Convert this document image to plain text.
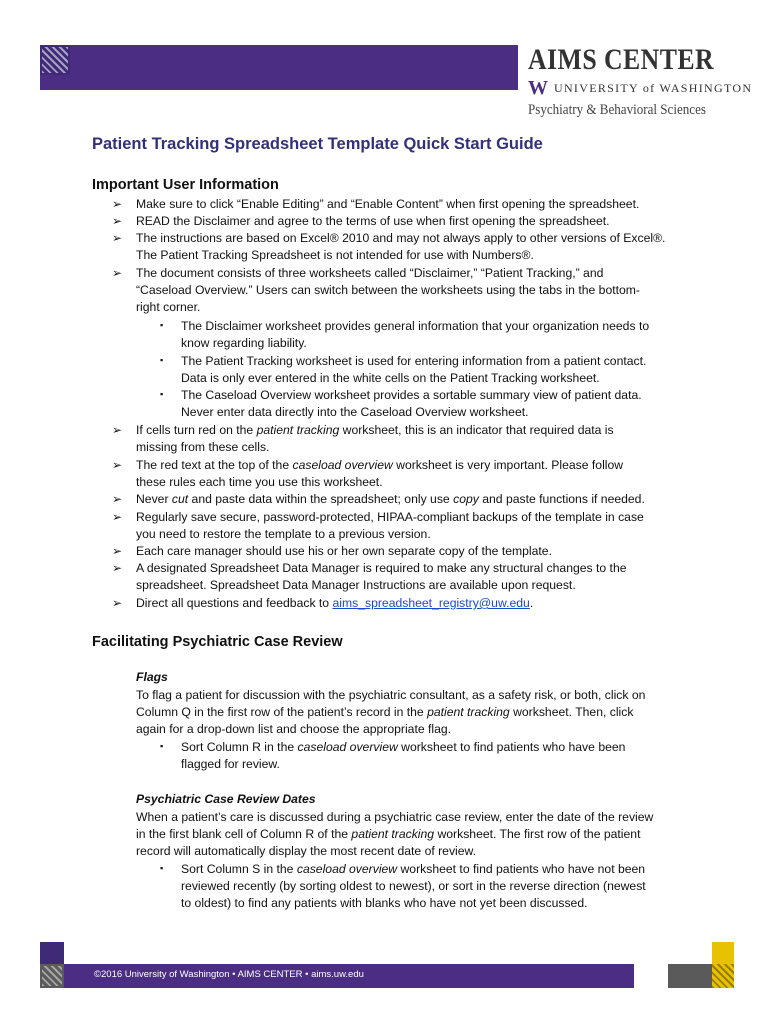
AIMS CENTER
W UNIVERSITY of WASHINGTON
Psychiatry & Behavioral Sciences
Patient Tracking Spreadsheet Template Quick Start Guide
Important User Information
➢ Make sure to click “Enable Editing” and “Enable Content” when first opening the spreadsheet.
➢ READ the Disclaimer and agree to the terms of use when first opening the spreadsheet.
➢ The instructions are based on Excel® 2010 and may not always apply to other versions of Excel®.
The Patient Tracking Spreadsheet is not intended for use with Numbers®.
➢ The document consists of three worksheets called “Disclaimer,” “Patient Tracking,” and
“Caseload Overview.” Users can switch between the worksheets using the tabs in the bottom-
right corner.
▪ The Disclaimer worksheet provides general information that your organization needs to
know regarding liability.
▪ The Patient Tracking worksheet is used for entering information from a patient contact.
Data is only ever entered in the white cells on the Patient Tracking worksheet.
▪ The Caseload Overview worksheet provides a sortable summary view of patient data.
Never enter data directly into the Caseload Overview worksheet.
➢ If cells turn red on the patient tracking worksheet, this is an indicator that required data is
missing from these cells.
➢ The red text at the top of the caseload overview worksheet is very important. Please follow
these rules each time you use this worksheet.
➢ Never cut and paste data within the spreadsheet; only use copy and paste functions if needed.
➢ Regularly save secure, password-protected, HIPAA-compliant backups of the template in case
you need to restore the template to a previous version.
➢ Each care manager should use his or her own separate copy of the template.
➢ A designated Spreadsheet Data Manager is required to make any structural changes to the
spreadsheet. Spreadsheet Data Manager Instructions are available upon request.
➢ Direct all questions and feedback to aims_spreadsheet_registry@uw.edu.
Facilitating Psychiatric Case Review
Flags
To flag a patient for discussion with the psychiatric consultant, as a safety risk, or both, click on
Column Q in the first row of the patient’s record in the patient tracking worksheet. Then, click
again for a drop-down list and choose the appropriate flag.
▪ Sort Column R in the caseload overview worksheet to find patients who have been
flagged for review.
Psychiatric Case Review Dates
When a patient’s care is discussed during a psychiatric case review, enter the date of the review
in the first blank cell of Column R of the patient tracking worksheet. The first row of the patient
record will automatically display the most recent date of review.
▪ Sort Column S in the caseload overview worksheet to find patients who have not been
reviewed recently (by sorting oldest to newest), or sort in the reverse direction (newest
to oldest) to find any patients with blanks who have not yet been discussed.
©2016 University of Washington • AIMS CENTER • aims.uw.edu
